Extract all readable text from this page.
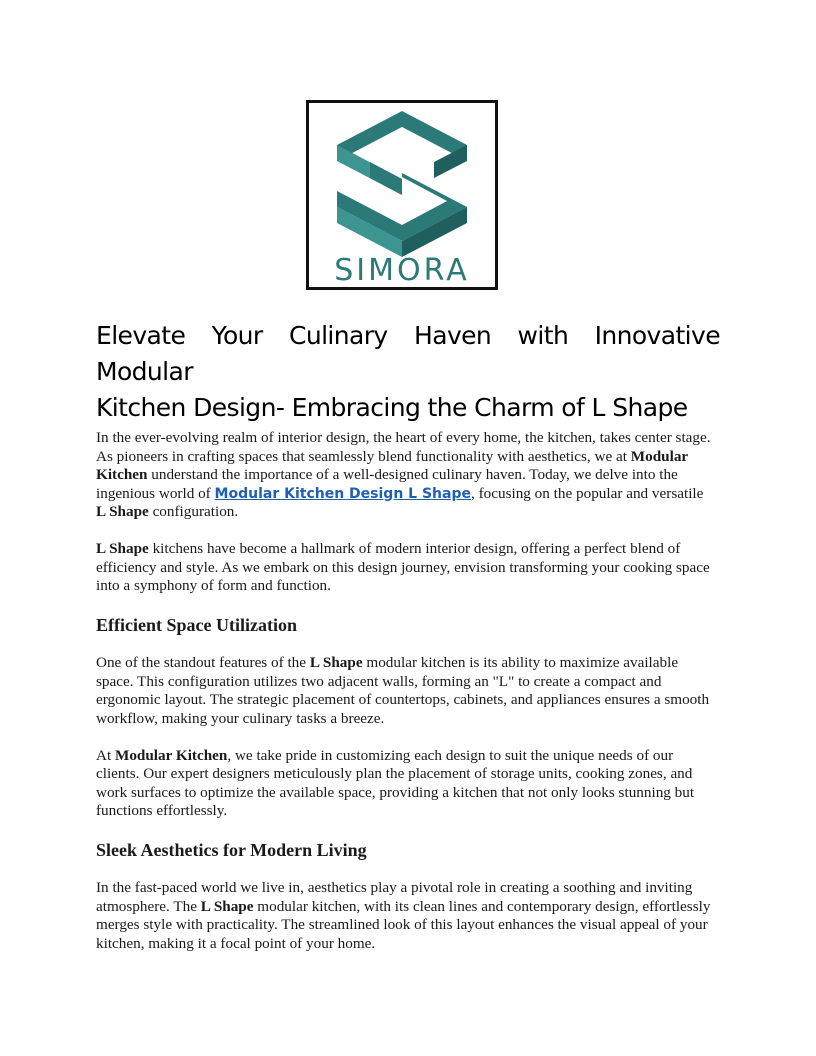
SIMORA
Elevate Your Culinary Haven with Innovative Modular
Kitchen Design- Embracing the Charm of L Shape

In the ever-evolving realm of interior design, the heart of every home, the kitchen, takes center stage. As pioneers in crafting spaces that seamlessly blend functionality with aesthetics, we at Modular Kitchen understand the importance of a well-designed culinary haven. Today, we delve into the ingenious world of Modular Kitchen Design L Shape, focusing on the popular and versatile L Shape configuration.

L Shape kitchens have become a hallmark of modern interior design, offering a perfect blend of efficiency and style. As we embark on this design journey, envision transforming your cooking space into a symphony of form and function.

Efficient Space Utilization

One of the standout features of the L Shape modular kitchen is its ability to maximize available space. This configuration utilizes two adjacent walls, forming an "L" to create a compact and ergonomic layout. The strategic placement of countertops, cabinets, and appliances ensures a smooth workflow, making your culinary tasks a breeze.

At Modular Kitchen, we take pride in customizing each design to suit the unique needs of our clients. Our expert designers meticulously plan the placement of storage units, cooking zones, and work surfaces to optimize the available space, providing a kitchen that not only looks stunning but functions effortlessly.

Sleek Aesthetics for Modern Living

In the fast-paced world we live in, aesthetics play a pivotal role in creating a soothing and inviting atmosphere. The L Shape modular kitchen, with its clean lines and contemporary design, effortlessly merges style with practicality. The streamlined look of this layout enhances the visual appeal of your kitchen, making it a focal point of your home.
